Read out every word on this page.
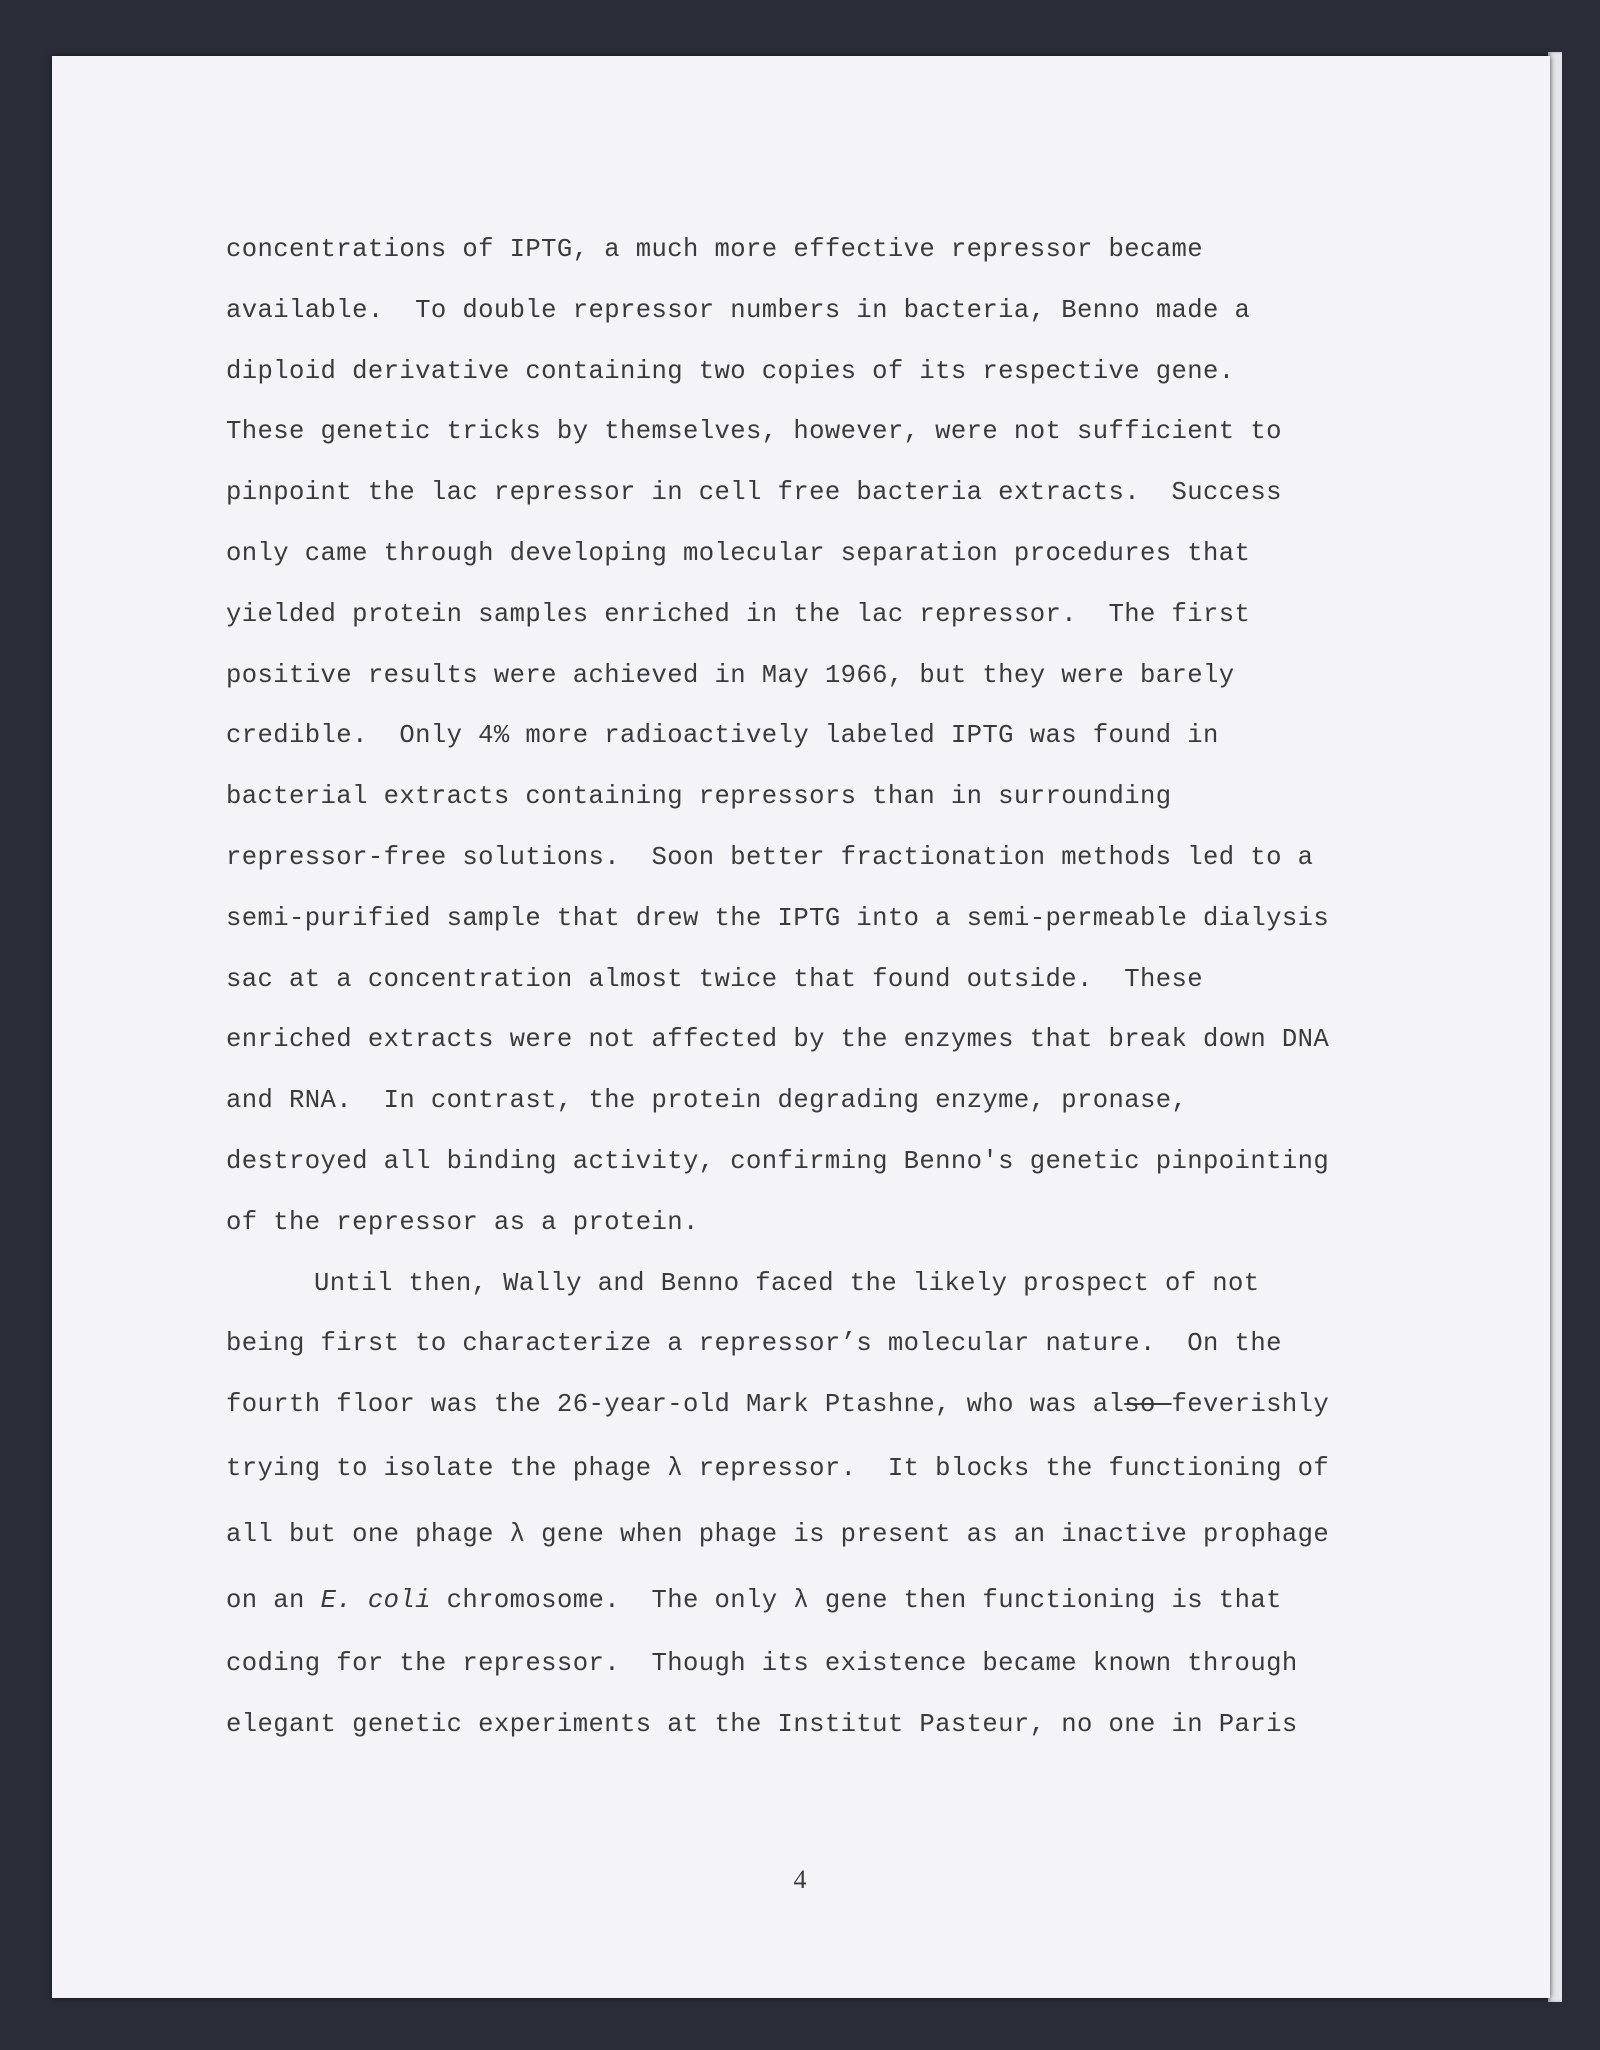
concentrations of IPTG, a much more effective repressor became
available.  To double repressor numbers in bacteria, Benno made a
diploid derivative containing two copies of its respective gene.
These genetic tricks by themselves, however, were not sufficient to
pinpoint the lac repressor in cell free bacteria extracts.  Success
only came through developing molecular separation procedures that
yielded protein samples enriched in the lac repressor.  The first
positive results were achieved in May 1966, but they were barely
credible.  Only 4% more radioactively labeled IPTG was found in
bacterial extracts containing repressors than in surrounding
repressor-free solutions.  Soon better fractionation methods led to a
semi-purified sample that drew the IPTG into a semi-permeable dialysis
sac at a concentration almost twice that found outside.  These
enriched extracts were not affected by the enzymes that break down DNA
and RNA.  In contrast, the protein degrading enzyme, pronase,
destroyed all binding activity, confirming Benno's genetic pinpointing
of the repressor as a protein.
Until then, Wally and Benno faced the likely prospect of not
being first to characterize a repressor’s molecular nature.  On the
fourth floor was the 26-year-old Mark Ptashne, who was also feverishly
trying to isolate the phage λ repressor.  It blocks the functioning of
all but one phage λ gene when phage is present as an inactive prophage
on an E. coli chromosome.  The only λ gene then functioning is that
coding for the repressor.  Though its existence became known through
elegant genetic experiments at the Institut Pasteur, no one in Paris
4
